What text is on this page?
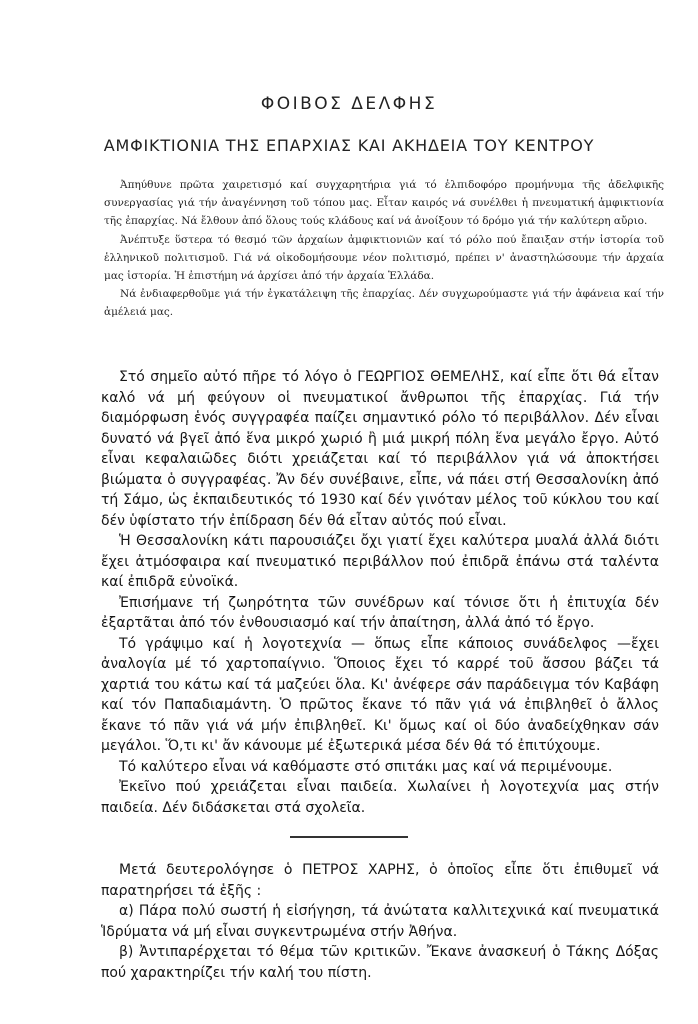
ΦΟΙΒΟΣ ΔΕΛΦΗΣ
ΑΜΦΙΚΤΙΟΝΙΑ ΤΗΣ ΕΠΑΡΧΙΑΣ ΚΑΙ ΑΚΗΔΕΙΑ ΤΟΥ ΚΕΝΤΡΟΥ

Ἀπηύθυνε πρῶτα χαιρετισμό καί συγχαρητήρια γιά τό ἐλπιδοφόρο προμήνυμα τῆς ἀδελφικῆς συνεργασίας γιά τήν ἀναγέννηση τοῦ τόπου μας. Εἶταν καιρός νά συνέλθει ἡ πνευματική ἀμφικτιονία τῆς ἐπαρχίας. Νά ἔλθουν ἀπό ὅλους τούς κλάδους καί νά ἀνοίξουν τό δρόμο γιά τήν καλύτερη αὔριο.

Ἀνέπτυξε ὕστερα τό θεσμό τῶν ἀρχαίων ἀμφικτιονιῶν καί τό ρόλο πού ἔπαιξαν στήν ἱστορία τοῦ ἑλληνικοῦ πολιτισμοῦ. Γιά νά οἰκοδομήσουμε νέον πολιτισμό, πρέπει ν' ἀναστηλώσουμε τήν ἀρχαία μας ἱστορία. Ἡ ἐπιστήμη νά ἀρχίσει ἀπό τήν ἀρχαία Ἑλλάδα.

Νά ἐνδιαφερθοῦμε γιά τήν ἐγκατάλειψη τῆς ἐπαρχίας. Δέν συγχωρούμαστε γιά τήν ἀφάνεια καί τήν ἀμέλειά μας.

Στό σημεῖο αὐτό πῆρε τό λόγο ὁ ΓΕΩΡΓΙΟΣ ΘΕΜΕΛΗΣ, καί εἶπε ὅτι θά εἶταν καλό νά μή φεύγουν οἱ πνευματικοί ἄνθρωποι τῆς ἐπαρχίας. Γιά τήν διαμόρφωση ἑνός συγγραφέα παίζει σημαντικό ρόλο τό περιβάλλον. Δέν εἶναι δυνατό νά βγεῖ ἀπό ἕνα μικρό χωριό ἢ μιά μικρή πόλη ἕνα μεγάλο ἔργο. Αὐτό εἶναι κεφαλαιῶδες διότι χρειάζεται καί τό περιβάλλον γιά νά ἀποκτήσει βιώματα ὁ συγγραφέας. Ἄν δέν συνέβαινε, εἶπε, νά πάει στή Θεσσαλονίκη ἀπό τή Σάμο, ὡς ἐκπαιδευτικός τό 1930 καί δέν γινόταν μέλος τοῦ κύκλου του καί δέν ὑφίστατο τήν ἐπίδραση δέν θά εἶταν αὐτός πού εἶναι.

Ἡ Θεσσαλονίκη κάτι παρουσιάζει ὄχι γιατί ἔχει καλύτερα μυαλά ἀλλά διότι ἔχει ἀτμόσφαιρα καί πνευματικό περιβάλλον πού ἐπιδρᾶ ἐπάνω στά ταλέντα καί ἐπιδρᾶ εὐνοϊκά.

Ἐπισήμανε τή ζωηρότητα τῶν συνέδρων καί τόνισε ὅτι ἡ ἐπιτυχία δέν ἐξαρτᾶται ἀπό τόν ἐνθουσιασμό καί τήν ἀπαίτηση, ἀλλά ἀπό τό ἔργο.

Τό γράψιμο καί ἡ λογοτεχνία — ὅπως εἶπε κάποιος συνάδελφος —ἔχει ἀναλογία μέ τό χαρτοπαίγνιο. Ὅποιος ἔχει τό καρρέ τοῦ ἄσσου βάζει τά χαρτιά του κάτω καί τά μαζεύει ὅλα. Κι' ἀνέφερε σάν παράδειγμα τόν Καβάφη καί τόν Παπαδιαμάντη. Ὁ πρῶτος ἔκανε τό πᾶν γιά νά ἐπιβληθεῖ ὁ ἄλλος ἔκανε τό πᾶν γιά νά μήν ἐπιβληθεῖ. Κι' ὅμως καί οἱ δύο ἀναδείχθηκαν σάν μεγάλοι. Ὅ,τι κι' ἄν κάνουμε μέ ἐξωτερικά μέσα δέν θά τό ἐπιτύχουμε.

Τό καλύτερο εἶναι νά καθόμαστε στό σπιτάκι μας καί νά περιμένουμε.

Ἐκεῖνο πού χρειάζεται εἶναι παιδεία. Χωλαίνει ἡ λογοτεχνία μας στήν παιδεία. Δέν διδάσκεται στά σχολεῖα.

Μετά δευτερολόγησε ὁ ΠΕΤΡΟΣ ΧΑΡΗΣ, ὁ ὁποῖος εἶπε ὅτι ἐπιθυμεῖ νά παρατηρήσει τά ἑξῆς :

α) Πάρα πολύ σωστή ἡ εἰσήγηση, τά ἀνώτατα καλλιτεχνικά καί πνευματικά Ἱδρύματα νά μή εἶναι συγκεντρωμένα στήν Ἀθήνα.

β) Ἀντιπαρέρχεται τό θέμα τῶν κριτικῶν. Ἔκανε ἀνασκευή ὁ Τάκης Δόξας πού χαρακτηρίζει τήν καλή του πίστη.
